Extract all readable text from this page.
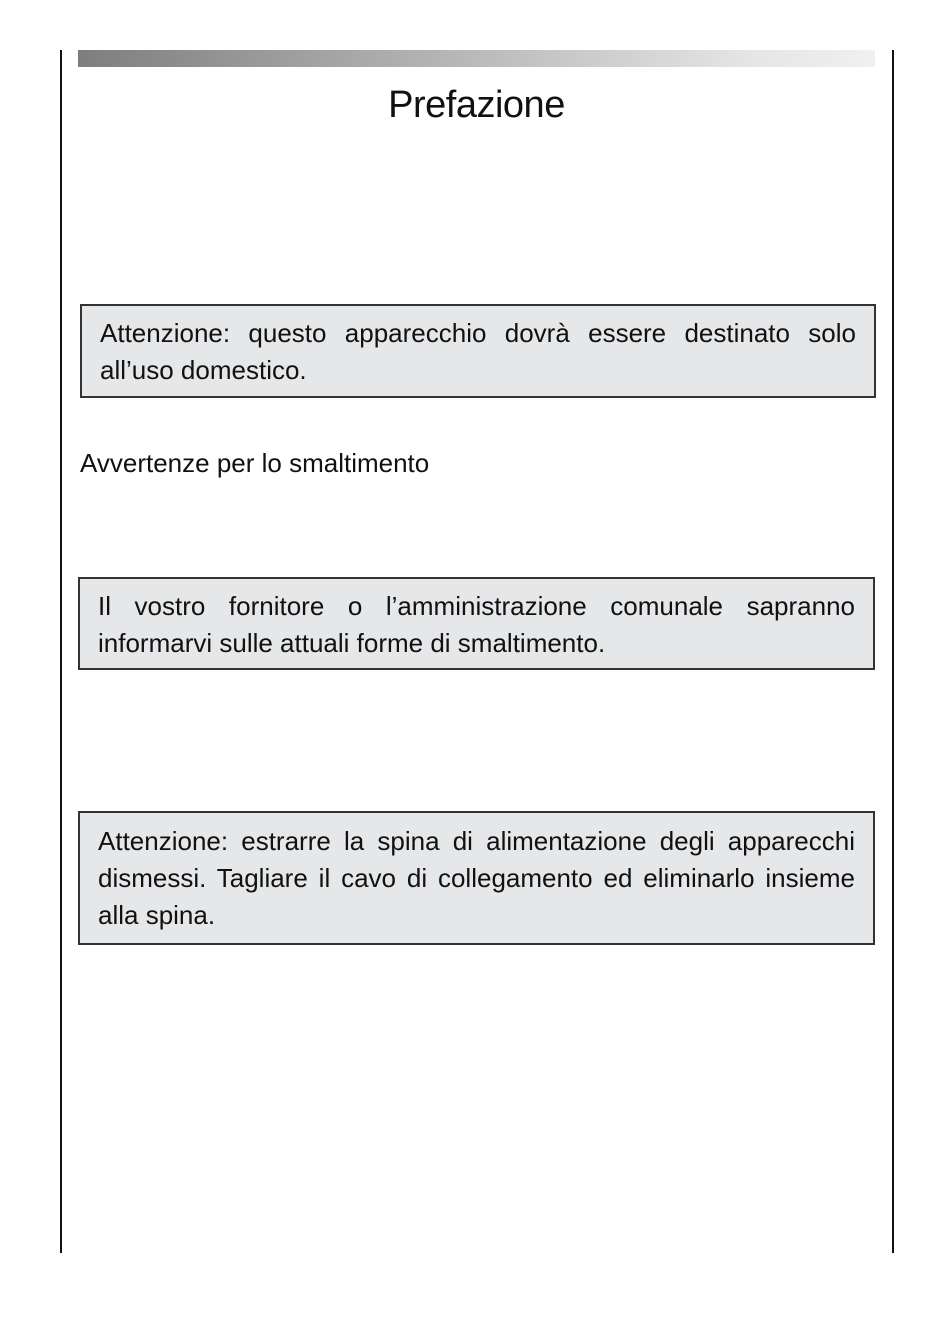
Prefazione
Attenzione: questo apparecchio dovrà essere destinato solo all’uso domestico.
Avvertenze per lo smaltimento
Il vostro fornitore o l’amministrazione comunale sapranno informarvi sulle attuali forme di smaltimento.
Attenzione: estrarre la spina di alimentazione degli apparecchi dismessi. Tagliare il cavo di collegamento ed eliminarlo insieme alla spina.
